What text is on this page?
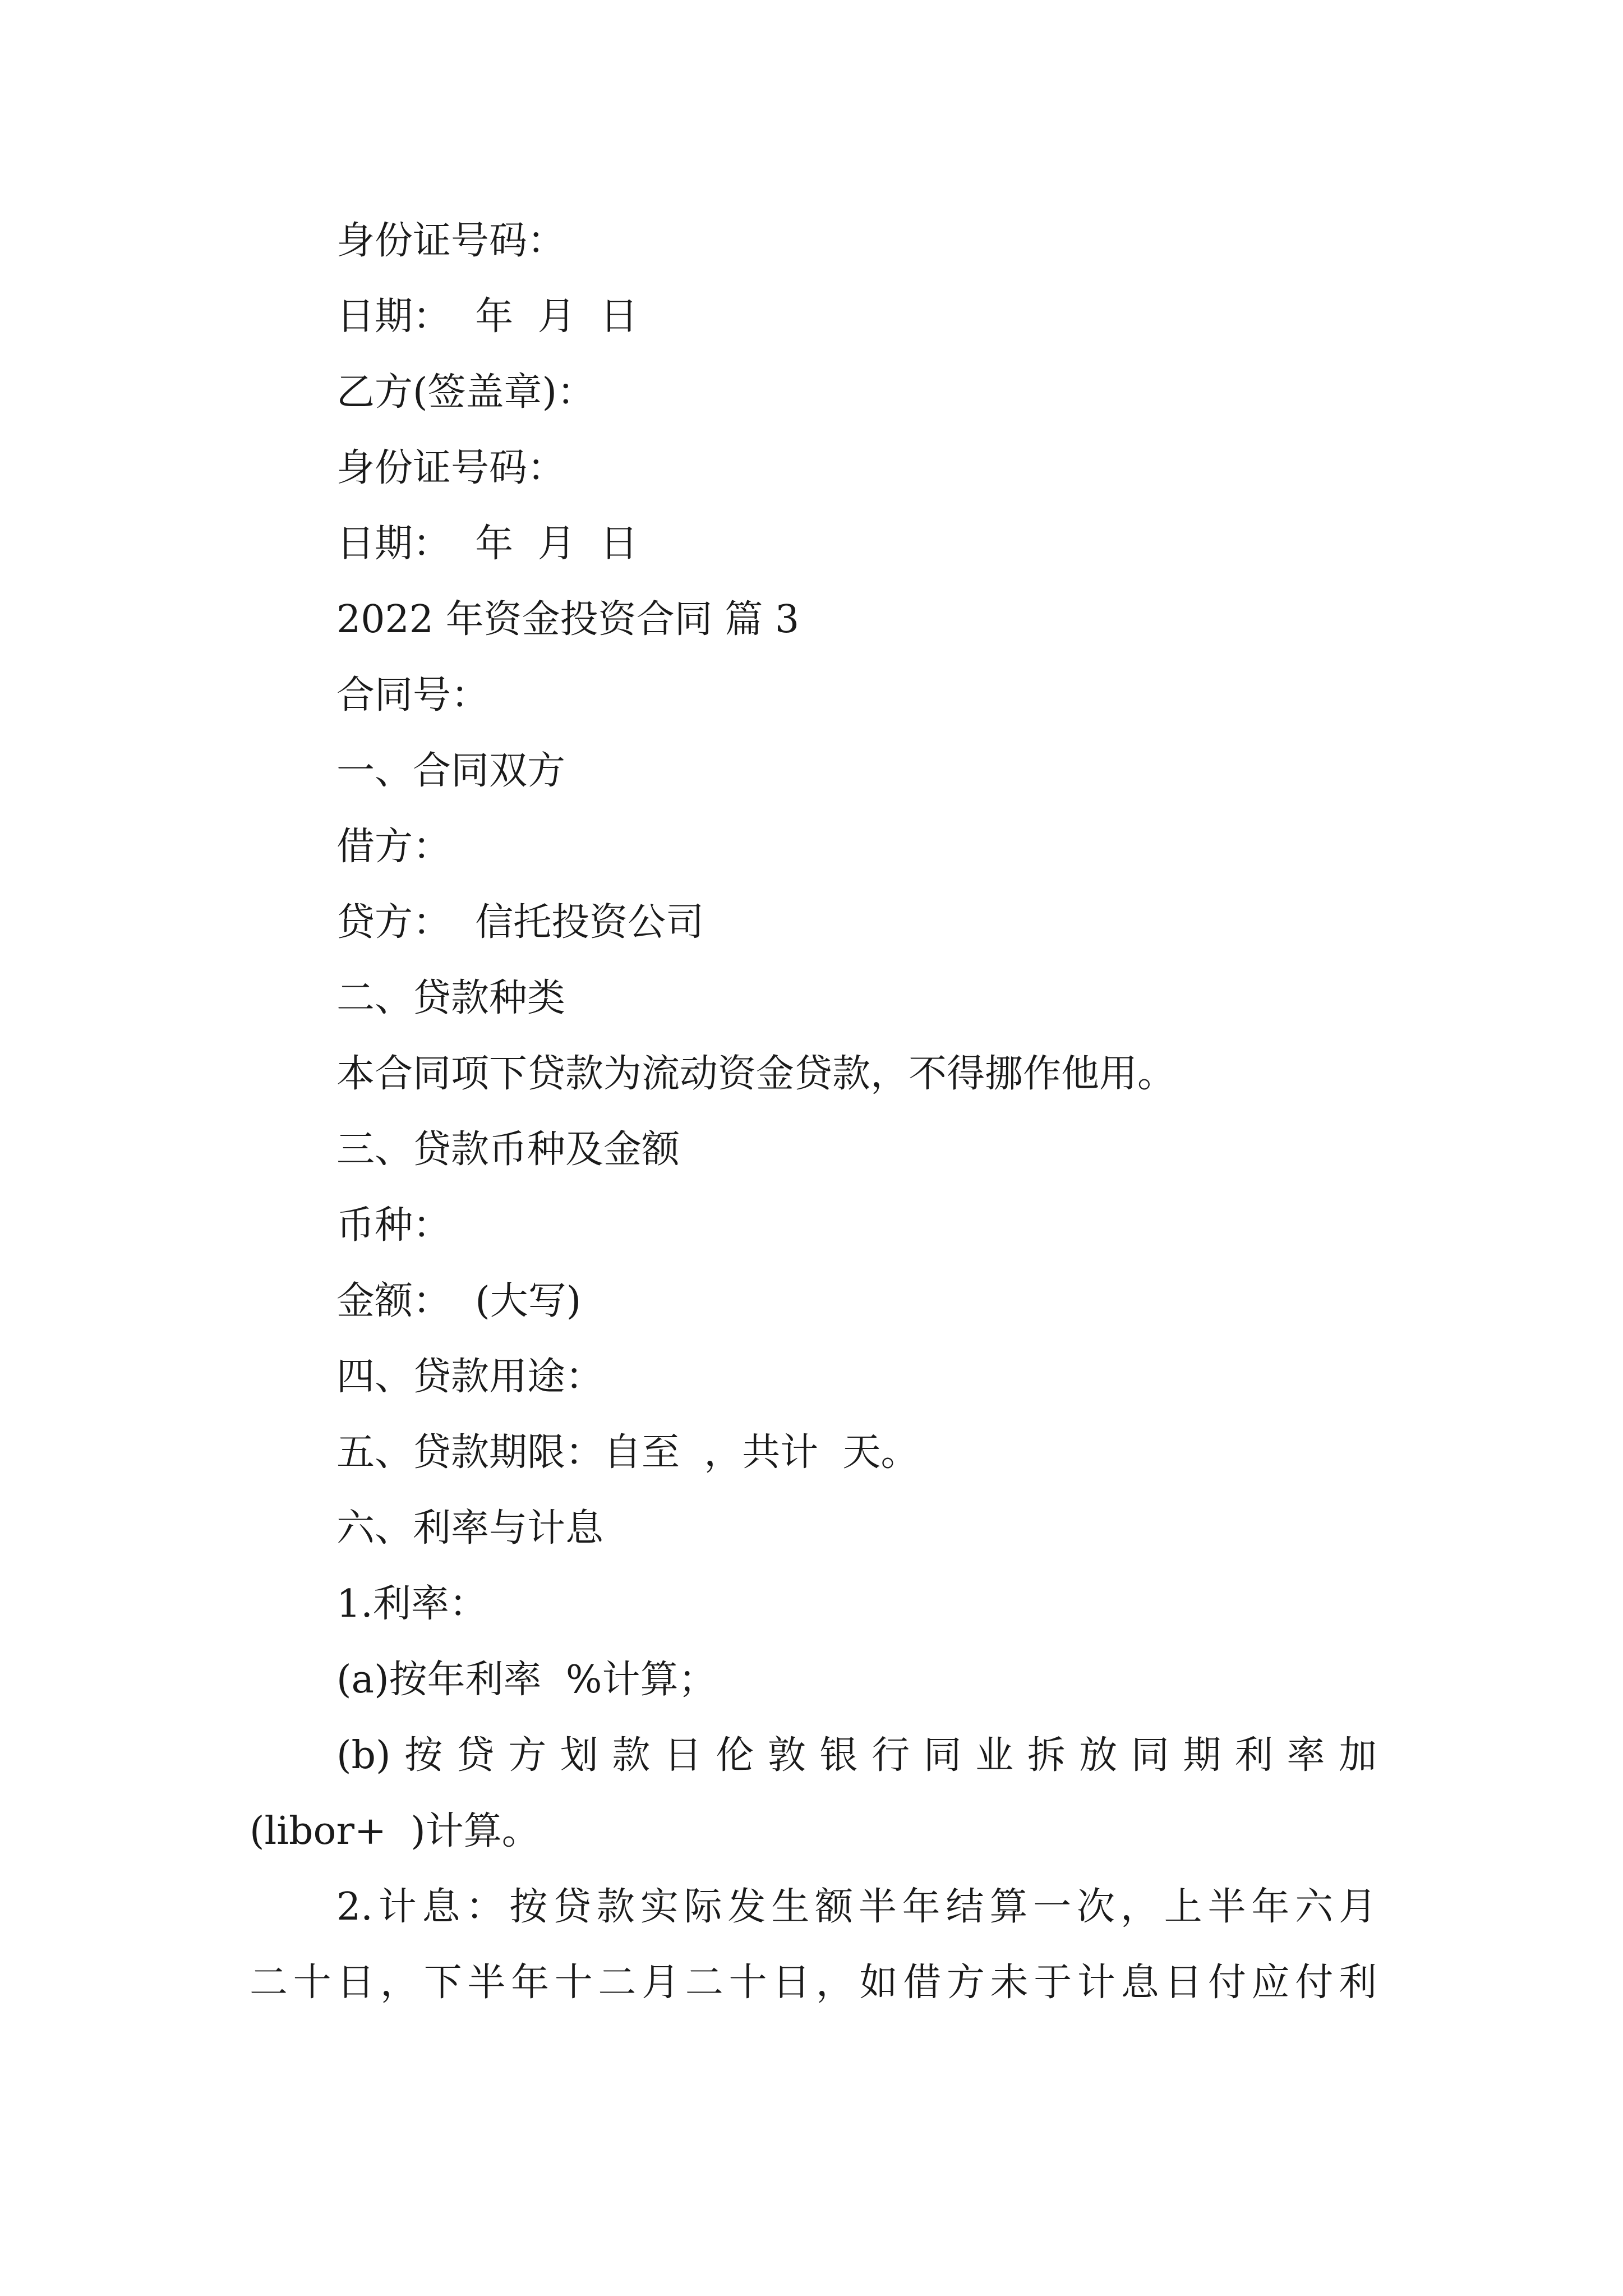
身份证号码：
日期：  年  月  日
乙方(签盖章)：
身份证号码：
日期：  年  月  日
2022 年资金投资合同 篇 3
合同号：
一、合同双方
借方：
贷方：  信托投资公司
二、贷款种类
本合同项下贷款为流动资金贷款，不得挪作他用。
三、贷款币种及金额
币种：
金额：  (大写)
四、贷款用途：
五、贷款期限：自至  ，共计  天。
六、利率与计息
1.利率：
(a)按年利率  %计算；
(b)按贷方划款日伦敦银行同业拆放同期利率加
(libor+  )计算。
2.计息：按贷款实际发生额半年结算一次，上半年六月
二十日，下半年十二月二十日，如借方未于计息日付应付利
